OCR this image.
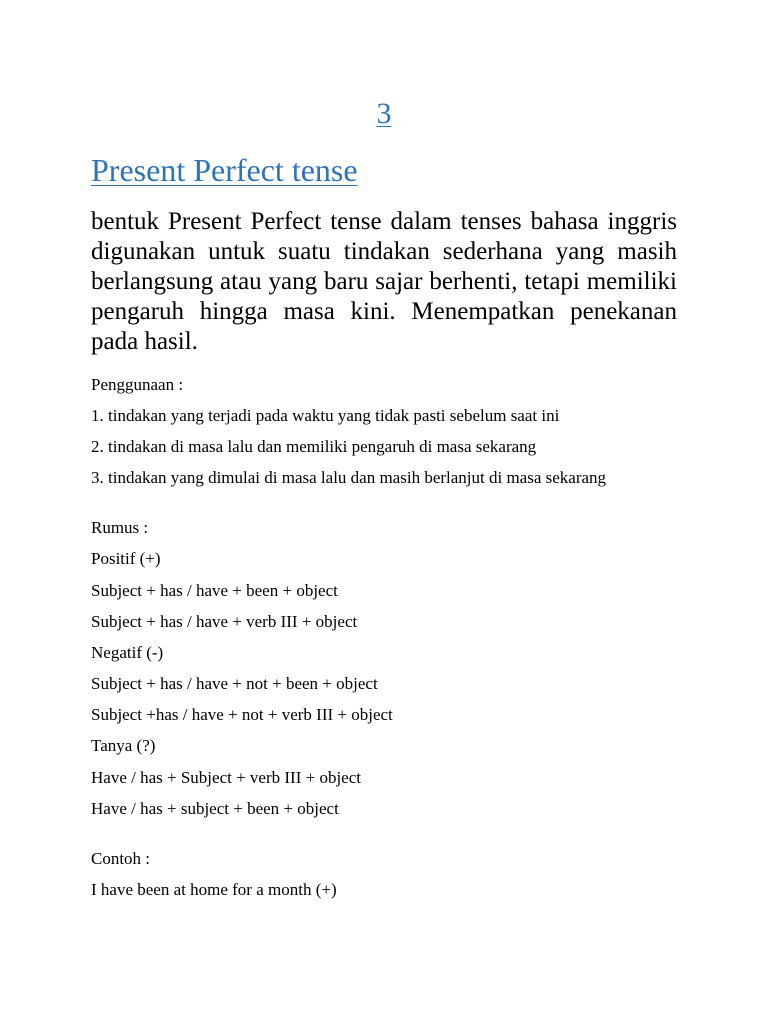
3
Present Perfect tense

bentuk Present Perfect tense dalam tenses bahasa inggris digunakan untuk suatu tindakan sederhana yang masih berlangsung atau yang baru sajar berhenti, tetapi memiliki pengaruh hingga masa kini. Menempatkan penekanan pada hasil.

Penggunaan :

1. tindakan yang terjadi pada waktu yang tidak pasti sebelum saat ini

2. tindakan di masa lalu dan memiliki pengaruh di masa sekarang

3. tindakan yang dimulai di masa lalu dan masih berlanjut di masa sekarang

Rumus :

Positif (+)

Subject + has / have + been + object

Subject + has / have + verb III + object

Negatif (-)

Subject + has / have + not + been + object

Subject +has / have + not + verb III + object

Tanya (?)

Have / has + Subject + verb III + object

Have / has + subject + been + object

Contoh :

I have been at home for a month (+)
